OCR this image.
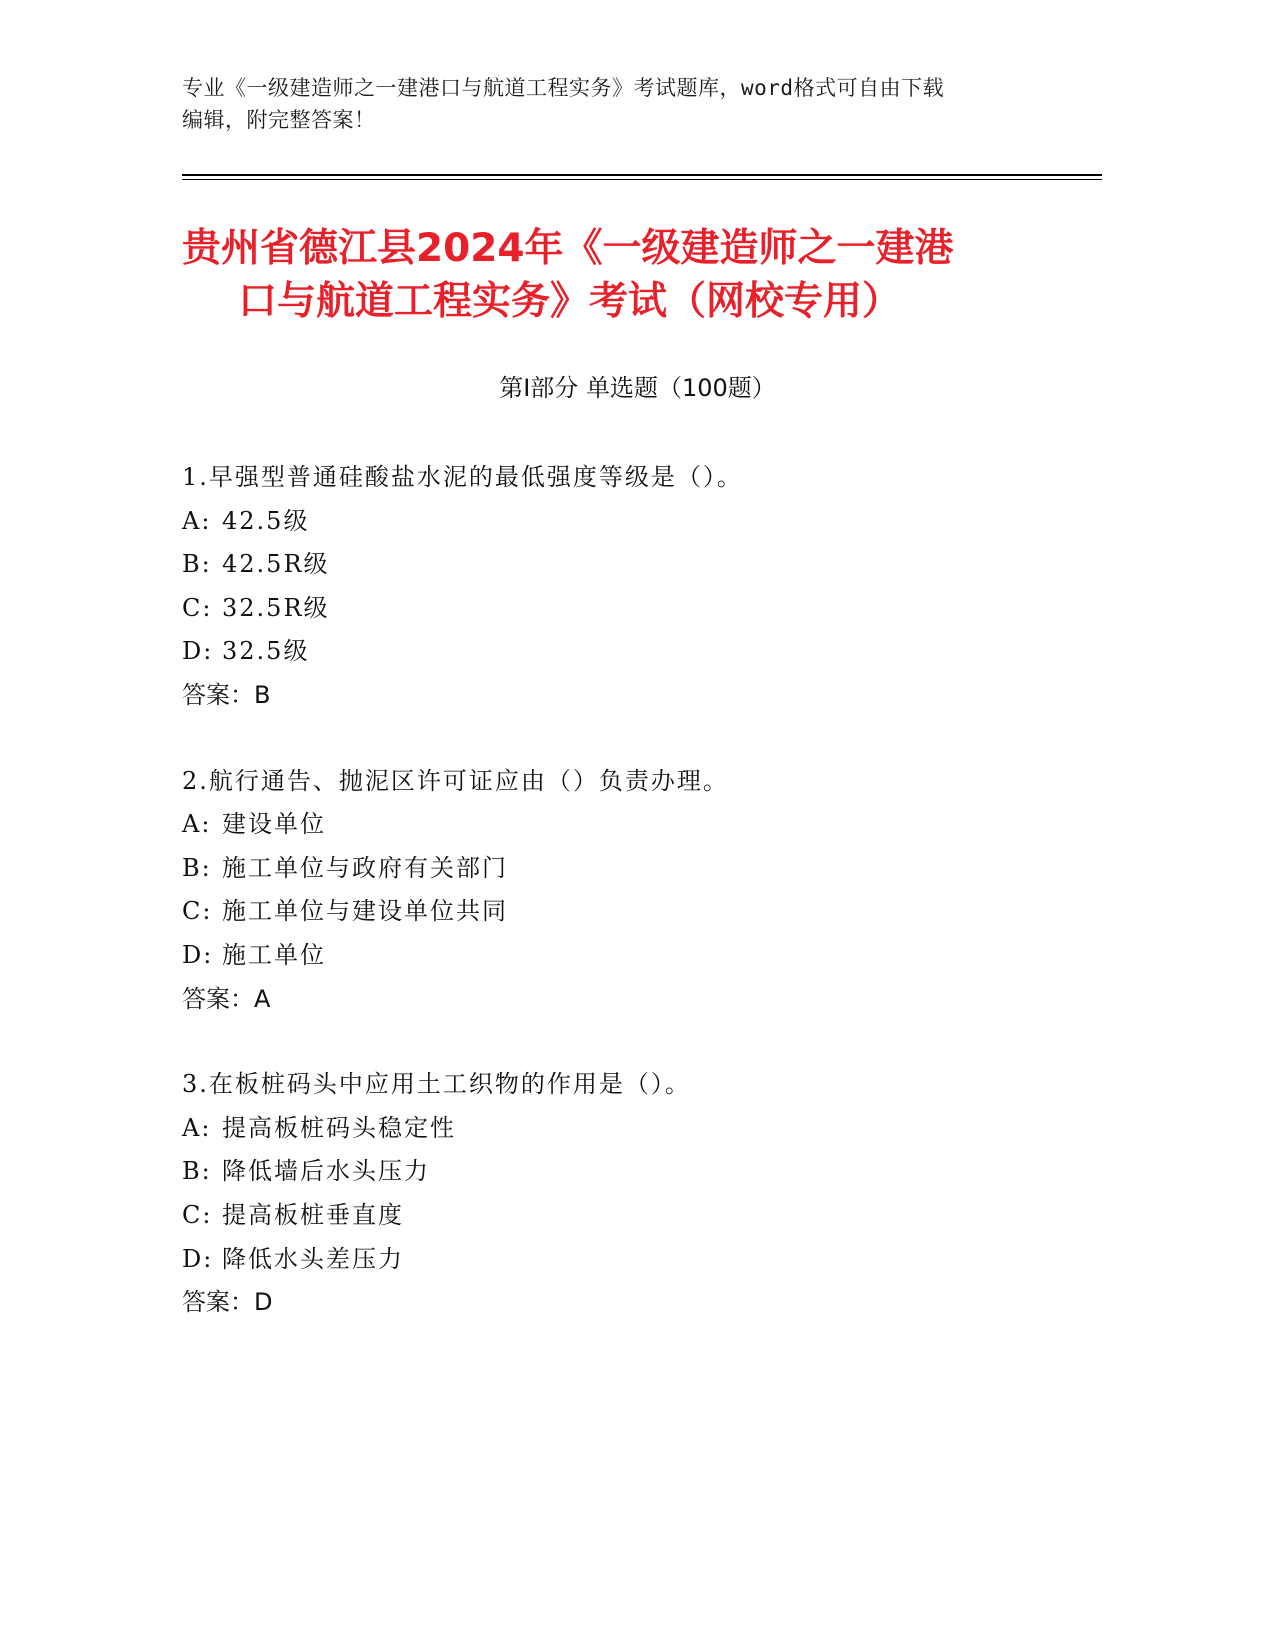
专业《一级建造师之一建港口与航道工程实务》考试题库，word格式可自由下载
编辑，附完整答案！
贵州省德江县2024年《一级建造师之一建港
口与航道工程实务》考试（网校专用）
第Ⅰ部分 单选题（100题）
1.早强型普通硅酸盐水泥的最低强度等级是（）。
A: 42.5级
B: 42.5R级
C: 32.5R级
D: 32.5级
答案：B
2.航行通告、抛泥区许可证应由（）负责办理。
A: 建设单位
B: 施工单位与政府有关部门
C: 施工单位与建设单位共同
D: 施工单位
答案：A
3.在板桩码头中应用土工织物的作用是（）。
A: 提高板桩码头稳定性
B: 降低墙后水头压力
C: 提高板桩垂直度
D: 降低水头差压力
答案：D
